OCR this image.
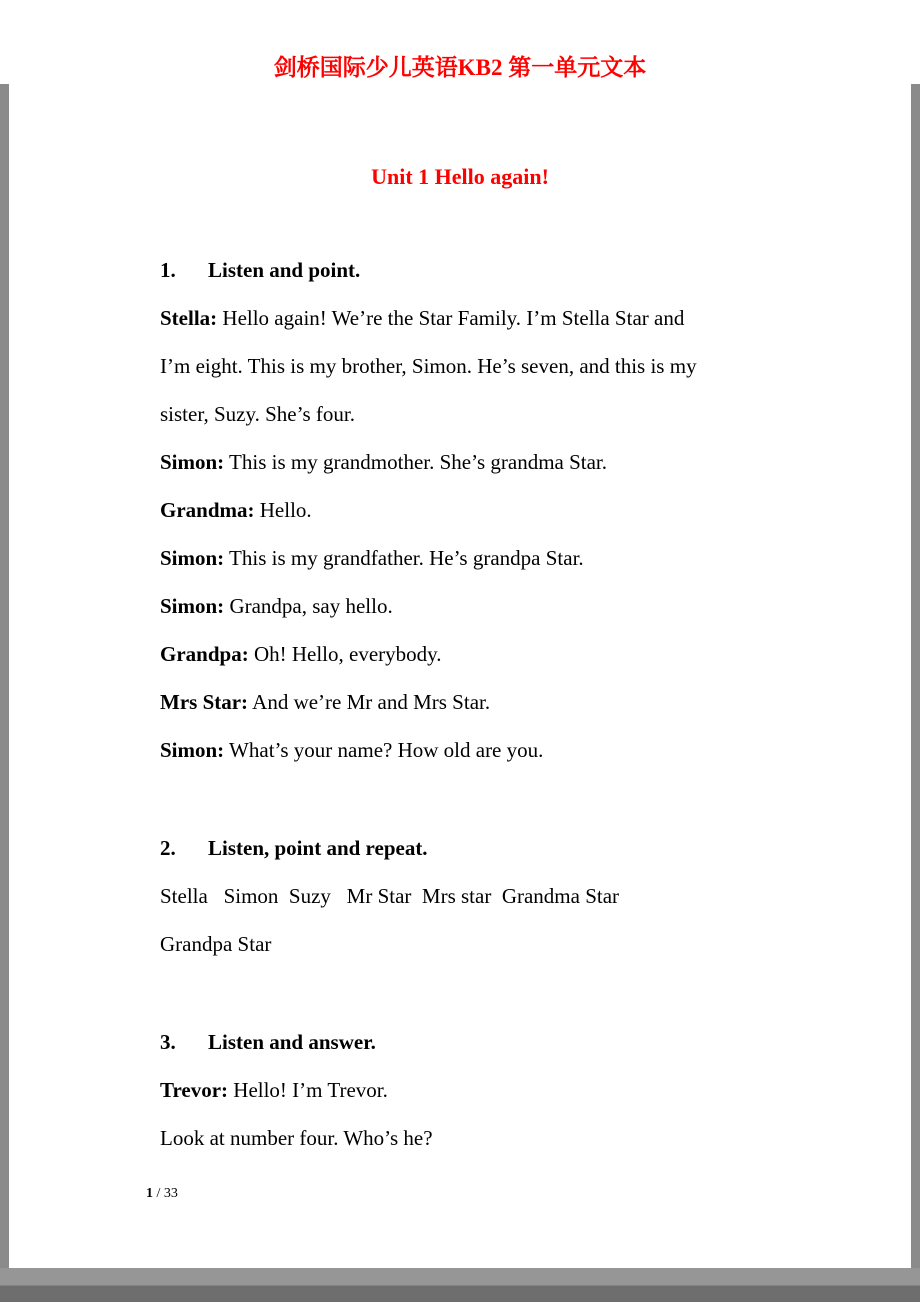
剑桥国际少儿英语KB2 第一单元文本
Unit 1 Hello again!

1. Listen and point.

Stella: Hello again! We’re the Star Family. I’m Stella Star and

I’m eight. This is my brother, Simon. He’s seven, and this is my

sister, Suzy. She’s four.

Simon: This is my grandmother. She’s grandma Star.

Grandma: Hello.

Simon: This is my grandfather. He’s grandpa Star.

Simon: Grandpa, say hello.

Grandpa: Oh! Hello, everybody.

Mrs Star: And we’re Mr and Mrs Star.

Simon: What’s your name? How old are you.

2. Listen, point and repeat.

Stella   Simon  Suzy   Mr Star  Mrs star  Grandma Star

Grandpa Star

3. Listen and answer.

Trevor: Hello! I’m Trevor.

Look at number four. Who’s he?

1 / 33
